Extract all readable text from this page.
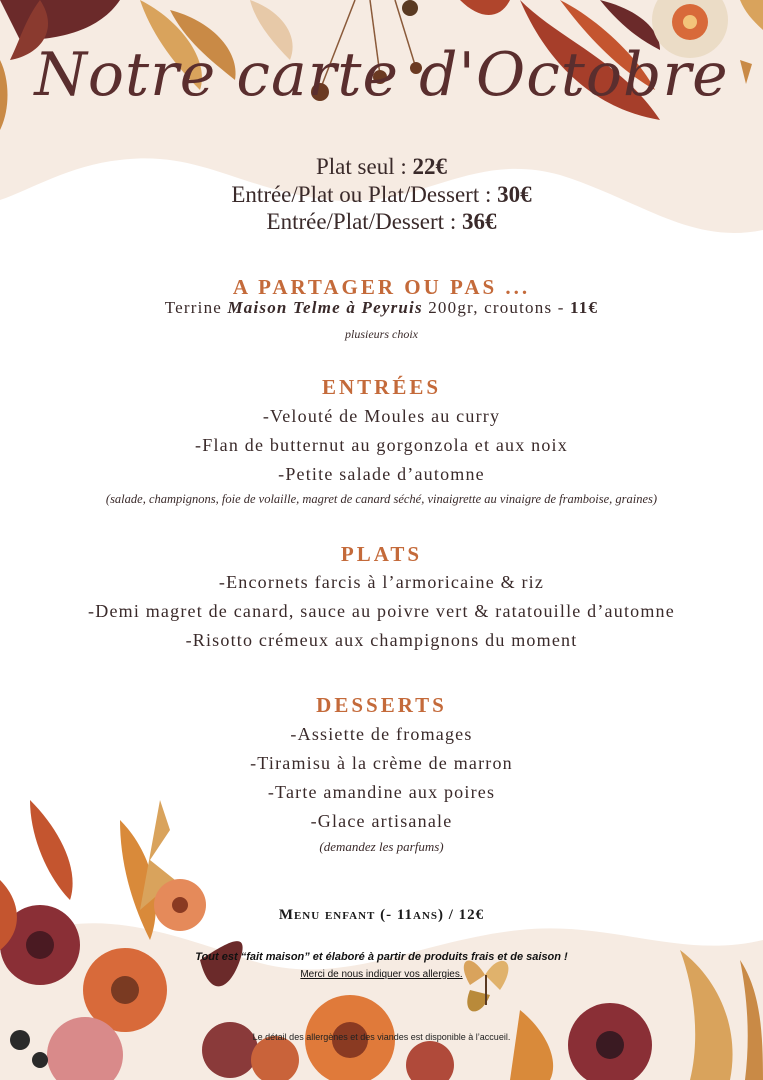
Notre carte d'Octobre
Plat seul : 22€
Entrée/Plat ou Plat/Dessert : 30€
Entrée/Plat/Dessert : 36€
A PARTAGER OU PAS ...
Terrine Maison Telme à Peyruis 200gr, croutons - 11€
plusieurs choix
ENTRÉES
-Velouté de Moules au curry
-Flan de butternut au gorgonzola et aux noix
-Petite salade d’automne
(salade, champignons, foie de volaille, magret de canard séché, vinaigrette au vinaigre de framboise, graines)
PLATS
-Encornets farcis à l’armoricaine & riz
-Demi magret de canard, sauce au poivre vert & ratatouille d’automne
-Risotto crémeux aux champignons du moment
DESSERTS
-Assiette de fromages
-Tiramisu à la crème de marron
-Tarte amandine aux poires
-Glace artisanale
(demandez les parfums)
Menu enfant (- 11ans) / 12€
Tout est “fait maison” et élaboré à partir de produits frais et de saison !
Merci de nous indiquer vos allergies.
Le détail des allergènes et des viandes est disponible à l’accueil.
